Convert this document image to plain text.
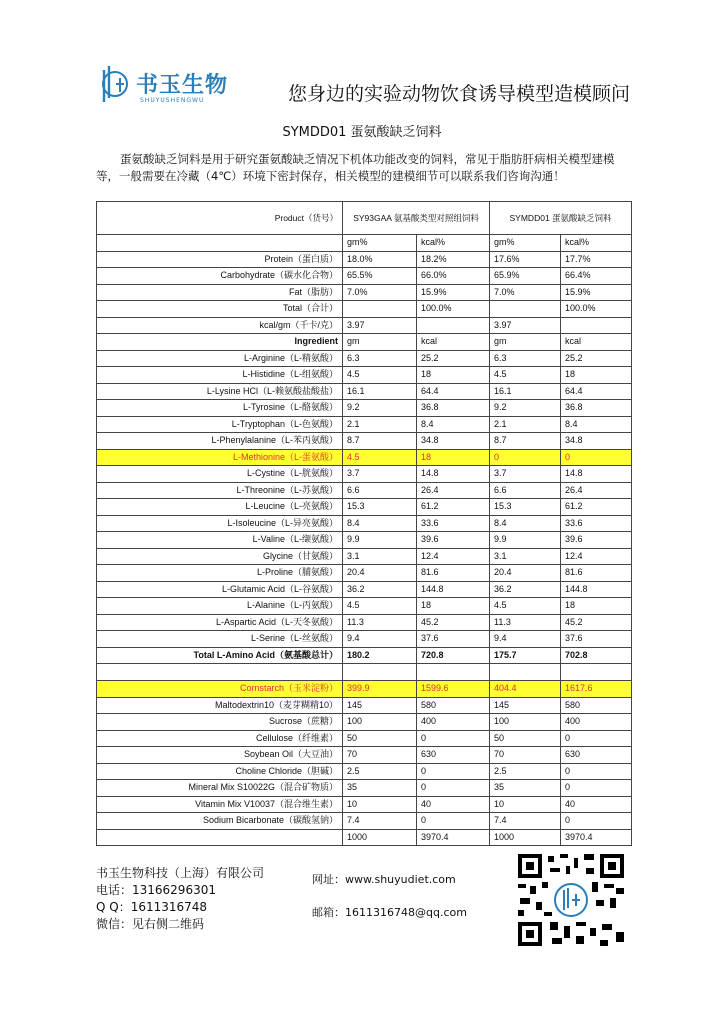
书玉生物
SHUYUSHENGWU	您身边的实验动物饮食诱导模型造模顾问
SYMDD01 蛋氨酸缺乏饲料

蛋氨酸缺乏饲料是用于研究蛋氨酸缺乏情况下机体功能改变的饲料，常见于脂肪肝病相关模型建模等，一般需要在冷藏（4℃）环境下密封保存，相关模型的建模细节可以联系我们咨询沟通！

Product（货号）	SY93GAA 氨基酸类型对照组饲料		SYMDD01 蛋氨酸缺乏饲料	
	gm%	kcal%	gm%	kcal%
Protein（蛋白质）	18.0%	18.2%	17.6%	17.7%
Carbohydrate（碳水化合物）	65.5%	66.0%	65.9%	66.4%
Fat（脂肪）	7.0%	15.9%	7.0%	15.9%
Total（合计）		100.0%		100.0%
kcal/gm（千卡/克）	3.97		3.97	
Ingredient	gm	kcal	gm	kcal
L-Arginine（L-精氨酸）	6.3	25.2	6.3	25.2
L-Histidine（L-组氨酸）	4.5	18	4.5	18
L-Lysine HCl（L-赖氨酸盐酸盐）	16.1	64.4	16.1	64.4
L-Tyrosine（L-酪氨酸）	9.2	36.8	9.2	36.8
L-Tryptophan（L-色氨酸）	2.1	8.4	2.1	8.4
L-Phenylalanine（L-苯丙氨酸）	8.7	34.8	8.7	34.8
L-Methionine（L-蛋氨酸）	4.5	18	0	0
L-Cystine（L-胱氨酸）	3.7	14.8	3.7	14.8
L-Threonine（L-苏氨酸）	6.6	26.4	6.6	26.4
L-Leucine（L-亮氨酸）	15.3	61.2	15.3	61.2
L-Isoleucine（L-异亮氨酸）	8.4	33.6	8.4	33.6
L-Valine（L-缬氨酸）	9.9	39.6	9.9	39.6
Glycine（甘氨酸）	3.1	12.4	3.1	12.4
L-Proline（脯氨酸）	20.4	81.6	20.4	81.6
L-Glutamic Acid（L-谷氨酸）	36.2	144.8	36.2	144.8
L-Alanine（L-丙氨酸）	4.5	18	4.5	18
L-Aspartic Acid（L-天冬氨酸）	11.3	45.2	11.3	45.2
L-Serine（L-丝氨酸）	9.4	37.6	9.4	37.6
Total L-Amino Acid（氨基酸总计）	180.2	720.8	175.7	702.8

Cornstarch（玉米淀粉）	399.9	1599.6	404.4	1617.6
Maltodextrin10（麦芽糊精10）	145	580	145	580
Sucrose（蔗糖）	100	400	100	400
Cellulose（纤维素）	50	0	50	0
Soybean Oil（大豆油）	70	630	70	630
Choline Chloride（胆碱）	2.5	0	2.5	0
Mineral Mix S10022G（混合矿物质）	35	0	35	0
Vitamin Mix V10037（混合维生素）	10	40	10	40
Sodium Bicarbonate（碳酸氢钠）	7.4	0	7.4	0
	1000	3970.4	1000	3970.4
书玉生物科技（上海）有限公司
电话：13166296301
Q Q：1611316748
微信：见右侧二维码
网址：www.shuyudiet.com
邮箱：1611316748@qq.com
